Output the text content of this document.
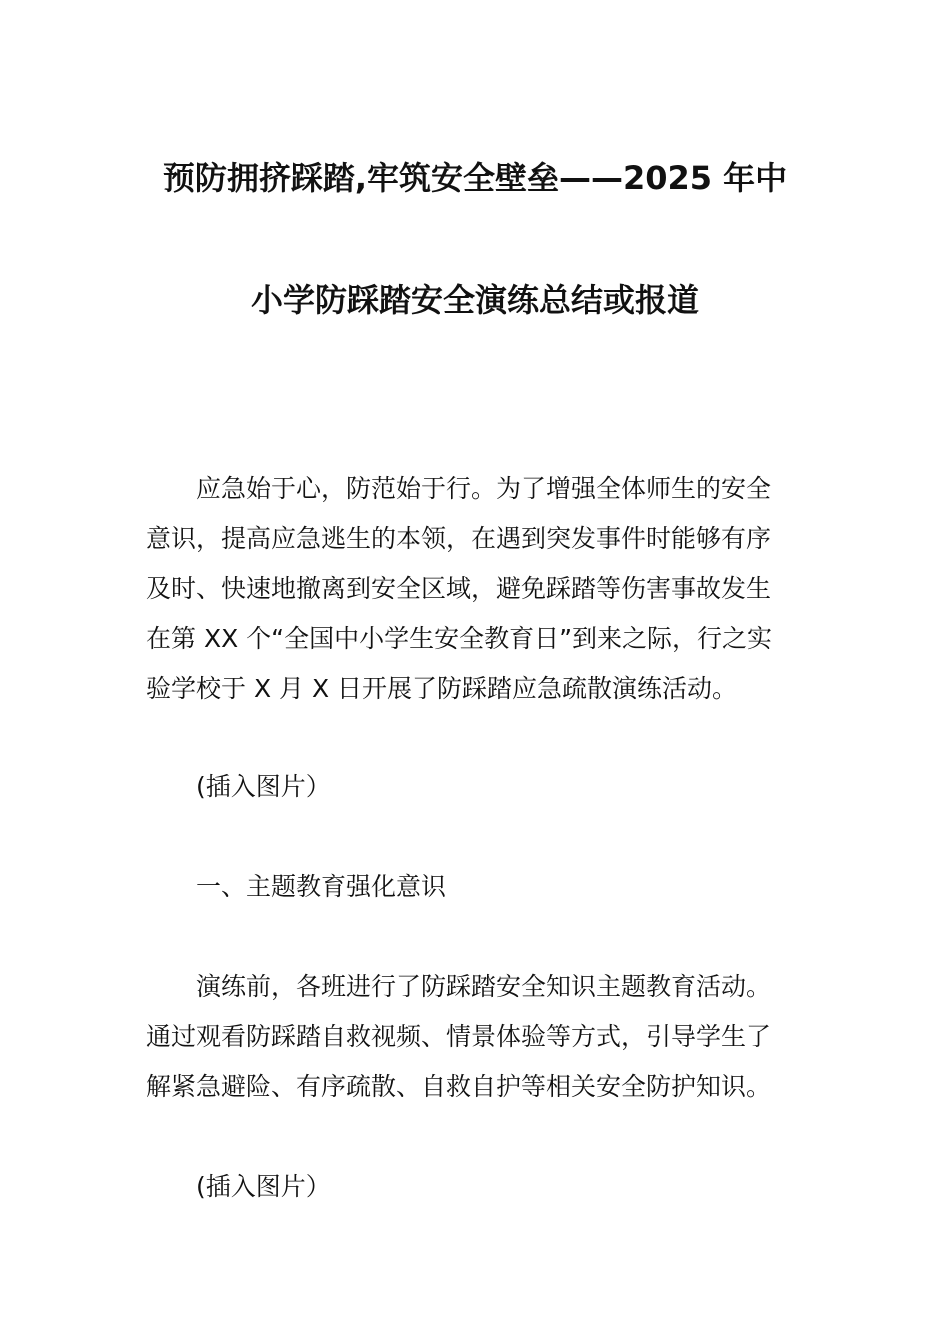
预防拥挤踩踏,牢筑安全壁垒——2025 年中
小学防踩踏安全演练总结或报道
应急始于心，防范始于行。为了增强全体师生的安全
意识，提高应急逃生的本领，在遇到突发事件时能够有序
及时、快速地撤离到安全区域，避免踩踏等伤害事故发生
在第 XX 个“全国中小学生安全教育日”到来之际，行之实
验学校于 X 月 X 日开展了防踩踏应急疏散演练活动。
(插入图片）
一、主题教育强化意识
演练前，各班进行了防踩踏安全知识主题教育活动。
通过观看防踩踏自救视频、情景体验等方式，引导学生了
解紧急避险、有序疏散、自救自护等相关安全防护知识。
(插入图片）
